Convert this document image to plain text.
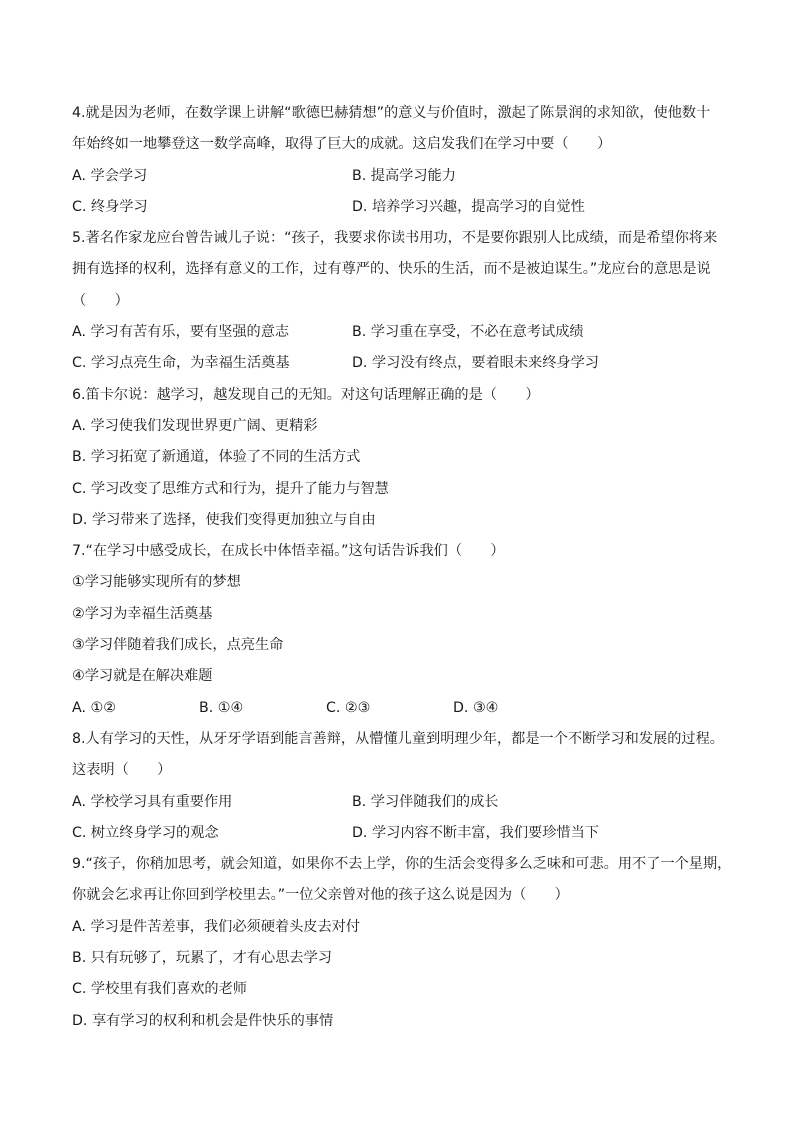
4.就是因为老师，在数学课上讲解“歌德巴赫猜想”的意义与价值时，激起了陈景润的求知欲，使他数十
年始终如一地攀登这一数学高峰，取得了巨大的成就。这启发我们在学习中要（　　）
A. 学会学习	B. 提高学习能力
C. 终身学习	D. 培养学习兴趣，提高学习的自觉性
5.著名作家龙应台曾告诫儿子说：“孩子，我要求你读书用功，不是要你跟别人比成绩，而是希望你将来
拥有选择的权利，选择有意义的工作，过有尊严的、快乐的生活，而不是被迫谋生。”龙应台的意思是说
（　　）
A. 学习有苦有乐，要有坚强的意志	B. 学习重在享受，不必在意考试成绩
C. 学习点亮生命，为幸福生活奠基	D. 学习没有终点，要着眼未来终身学习
6.笛卡尔说：越学习，越发现自己的无知。对这句话理解正确的是（　　）
A. 学习使我们发现世界更广阔、更精彩
B. 学习拓宽了新通道，体验了不同的生活方式
C. 学习改变了思维方式和行为，提升了能力与智慧
D. 学习带来了选择，使我们变得更加独立与自由
7.“在学习中感受成长，在成长中体悟幸福。”这句话告诉我们（　　）
①学习能够实现所有的梦想
②学习为幸福生活奠基
③学习伴随着我们成长，点亮生命
④学习就是在解决难题
A. ①②	B. ①④	C. ②③	D. ③④
8.人有学习的天性，从牙牙学语到能言善辩，从懵懂儿童到明理少年，都是一个不断学习和发展的过程。
这表明（　　）
A. 学校学习具有重要作用	B. 学习伴随我们的成长
C. 树立终身学习的观念	D. 学习内容不断丰富，我们要珍惜当下
9.“孩子，你稍加思考，就会知道，如果你不去上学，你的生活会变得多么乏味和可悲。用不了一个星期，
你就会乞求再让你回到学校里去。”一位父亲曾对他的孩子这么说是因为（　　）
A. 学习是件苦差事，我们必须硬着头皮去对付
B. 只有玩够了，玩累了，才有心思去学习
C. 学校里有我们喜欢的老师
D. 享有学习的权利和机会是件快乐的事情
